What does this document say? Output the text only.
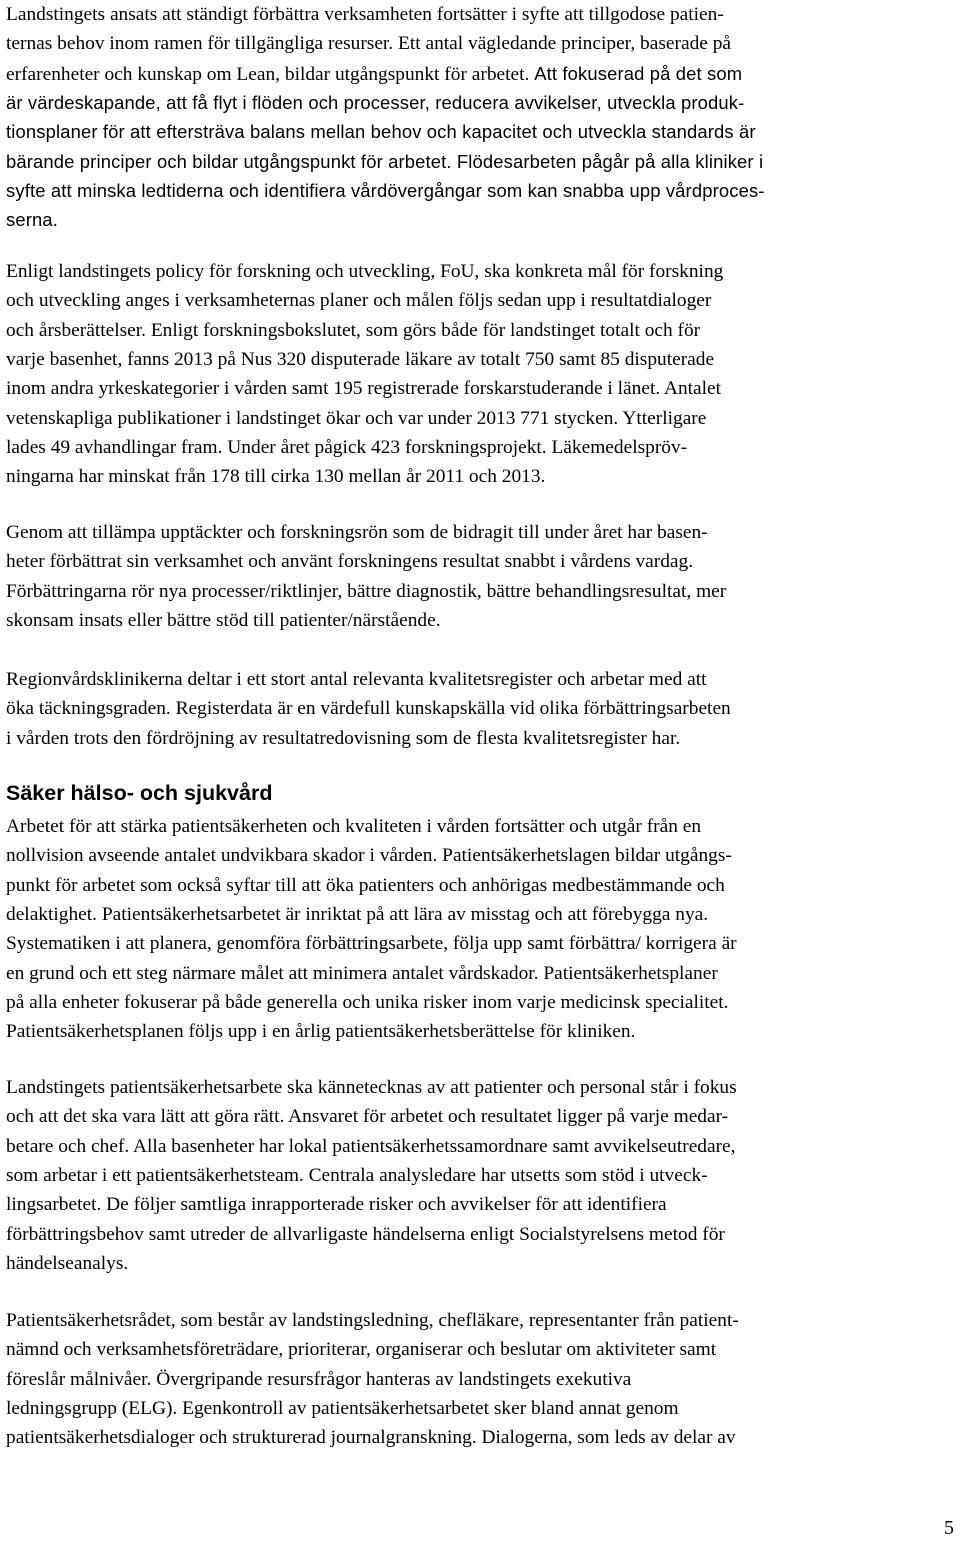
Landstingets ansats att ständigt förbättra verksamheten fortsätter i syfte att tillgodose patien-
ternas behov inom ramen för tillgängliga resurser. Ett antal vägledande principer, baserade på
erfarenheter och kunskap om Lean, bildar utgångspunkt för arbetet. Att fokuserad på det som
är värdeskapande, att få flyt i flöden och processer, reducera avvikelser, utveckla produk-
tionsplaner för att eftersträva balans mellan behov och kapacitet och utveckla standards är
bärande principer och bildar utgångspunkt för arbetet. Flödesarbeten pågår på alla kliniker i
syfte att minska ledtiderna och identifiera vårdövergångar som kan snabba upp vårdproces-
serna.
Enligt landstingets policy för forskning och utveckling, FoU, ska konkreta mål för forskning
och utveckling anges i verksamheternas planer och målen följs sedan upp i resultatdialoger
och årsberättelser. Enligt forskningsbokslutet, som görs både för landstinget totalt och för
varje basenhet, fanns 2013 på Nus 320 disputerade läkare av totalt 750 samt 85 disputerade
inom andra yrkeskategorier i vården samt 195 registrerade forskarstuderande i länet. Antalet
vetenskapliga publikationer i landstinget ökar och var under 2013 771 stycken. Ytterligare
lades 49 avhandlingar fram. Under året pågick 423 forskningsprojekt. Läkemedelspröv-
ningarna har minskat från 178 till cirka 130 mellan år 2011 och 2013.
Genom att tillämpa upptäckter och forskningsrön som de bidragit till under året har basen-
heter förbättrat sin verksamhet och använt forskningens resultat snabbt i vårdens vardag.
Förbättringarna rör nya processer/riktlinjer, bättre diagnostik, bättre behandlingsresultat, mer
skonsam insats eller bättre stöd till patienter/närstående.
Regionvårdsklinikerna deltar i ett stort antal relevanta kvalitetsregister och arbetar med att
öka täckningsgraden. Registerdata är en värdefull kunskapskälla vid olika förbättringsarbeten
i vården trots den fördröjning av resultatredovisning som de flesta kvalitetsregister har.
Säker hälso- och sjukvård
Arbetet för att stärka patientsäkerheten och kvaliteten i vården fortsätter och utgår från en
nollvision avseende antalet undvikbara skador i vården. Patientsäkerhetslagen bildar utgångs-
punkt för arbetet som också syftar till att öka patienters och anhörigas medbestämmande och
delaktighet. Patientsäkerhetsarbetet är inriktat på att lära av misstag och att förebygga nya.
Systematiken i att planera, genomföra förbättringsarbete, följa upp samt förbättra/ korrigera är
en grund och ett steg närmare målet att minimera antalet vårdskador. Patientsäkerhetsplaner
på alla enheter fokuserar på både generella och unika risker inom varje medicinsk specialitet.
Patientsäkerhetsplanen följs upp i en årlig patientsäkerhetsberättelse för kliniken.
Landstingets patientsäkerhetsarbete ska kännetecknas av att patienter och personal står i fokus
och att det ska vara lätt att göra rätt. Ansvaret för arbetet och resultatet ligger på varje medar-
betare och chef. Alla basenheter har lokal patientsäkerhetssamordnare samt avvikelseutredare,
som arbetar i ett patientsäkerhetsteam. Centrala analysledare har utsetts som stöd i utveck-
lingsarbetet. De följer samtliga inrapporterade risker och avvikelser för att identifiera
förbättringsbehov samt utreder de allvarligaste händelserna enligt Socialstyrelsens metod för
händelseanalys.
Patientsäkerhetsrådet, som består av landstingsledning, chefläkare, representanter från patient-
nämnd och verksamhetsföreträdare, prioriterar, organiserar och beslutar om aktiviteter samt
föreslår målnivåer. Övergripande resursfrågor hanteras av landstingets exekutiva
ledningsgrupp (ELG). Egenkontroll av patientsäkerhetsarbetet sker bland annat genom
patientsäkerhetsdialoger och strukturerad journalgranskning. Dialogerna, som leds av delar av
5
